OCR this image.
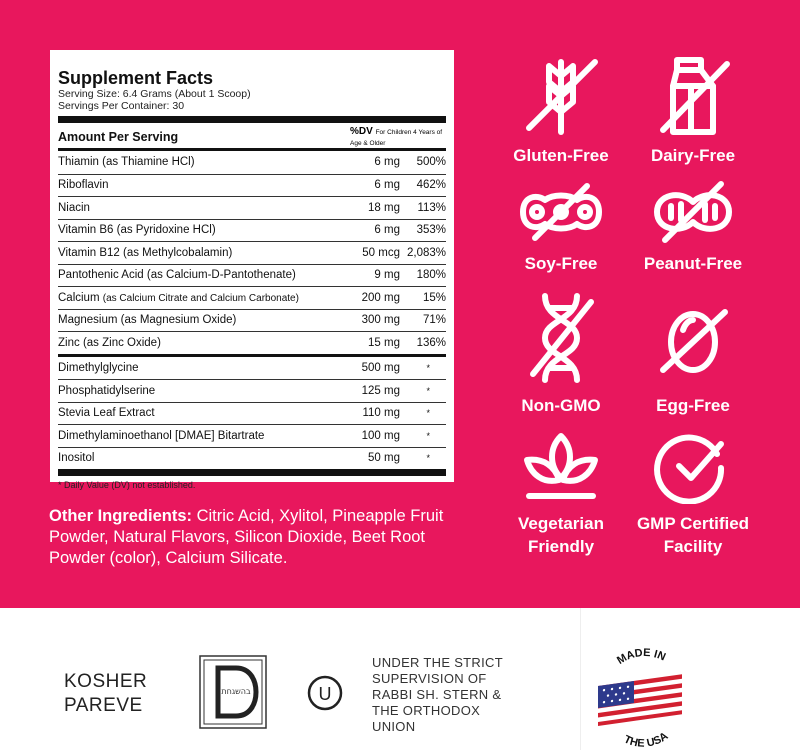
Supplement Facts
Serving Size: 6.4 Grams (About 1 Scoop)
Servings Per Container: 30
Amount Per Serving	%DV For Children 4 Years of Age & Older
Thiamin (as Thiamine HCl)	6 mg	500%
Riboflavin	6 mg	462%
Niacin	18 mg	113%
Vitamin B6 (as Pyridoxine HCl)	6 mg	353%
Vitamin B12 (as Methylcobalamin)	50 mcg 2,083%
Pantothenic Acid (as Calcium-D-Pantothenate)	9 mg	180%
Calcium (as Calcium Citrate and Calcium Carbonate)	200 mg	15%
Magnesium (as Magnesium Oxide)	300 mg	71%
Zinc (as Zinc Oxide)	15 mg	136%
Dimethylglycine	500 mg	*
Phosphatidylserine	125 mg	*
Stevia Leaf Extract	110 mg	*
Dimethylaminoethanol [DMAE] Bitartrate	100 mg	*
Inositol	50 mg	*
* Daily Value (DV) not established.
Other Ingredients: Citric Acid, Xylitol, Pineapple Fruit Powder, Natural Flavors, Silicon Dioxide, Beet Root Powder (color), Calcium Silicate.
Gluten-Free	Dairy-Free
Soy-Free	Peanut-Free
Non-GMO	Egg-Free
Vegetarian
Friendly
GMP Certified
Facility
KOSHER
PAREVE
בהשגחת	U
UNDER THE STRICT
SUPERVISION OF
RABBI SH. STERN &
THE ORTHODOX
UNION
MADE IN
THE USA
